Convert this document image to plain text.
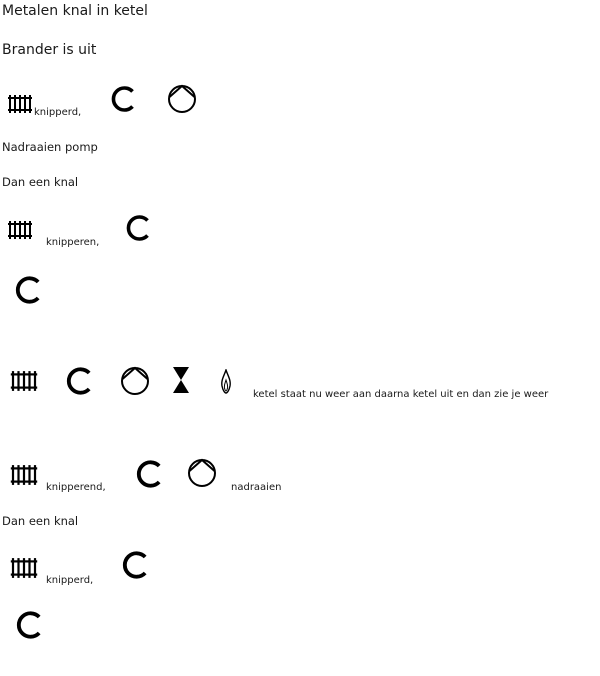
Metalen knal in ketel
Brander is uit
knipperd,
Nadraaien pomp
Dan een knal
knipperen,
ketel staat nu weer aan daarna ketel uit en dan zie je weer
knipperend,	nadraaien
Dan een knal
knipperd,
